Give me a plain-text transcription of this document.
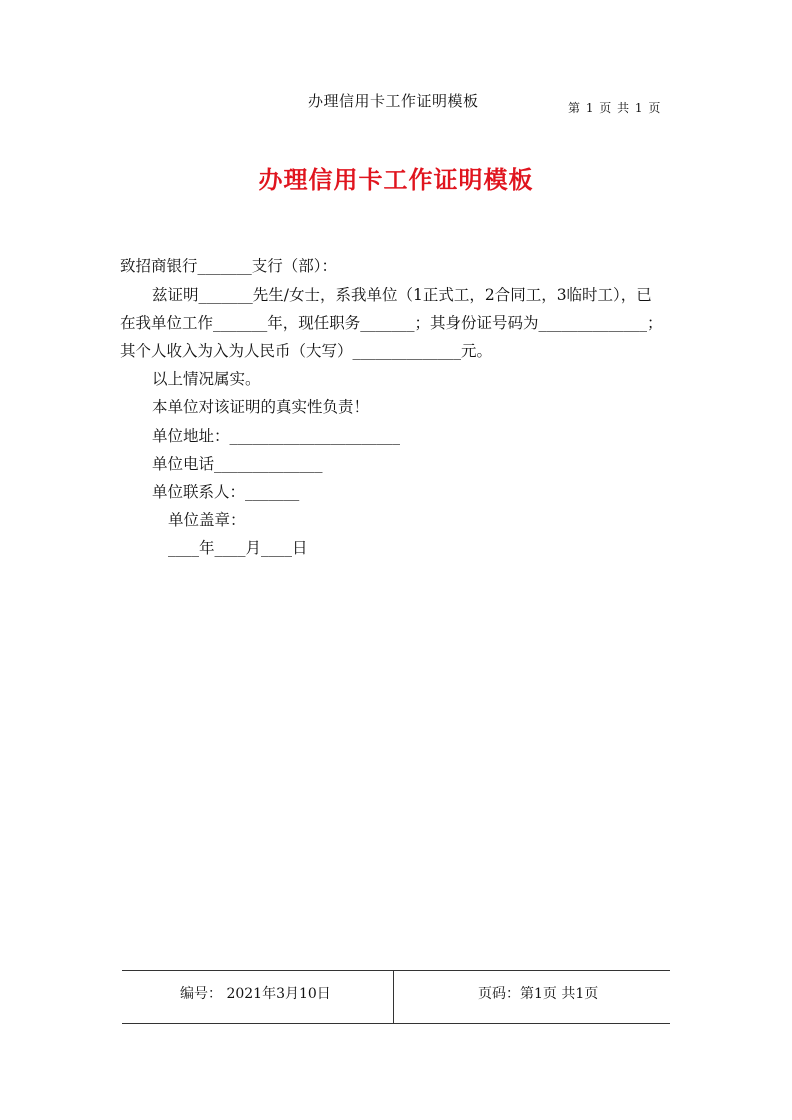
办理信用卡工作证明模板	第 1 页 共 1 页
办理信用卡工作证明模板
致招商银行_______支行（部）：
兹证明_______先生/女士，系我单位（1正式工，2合同工，3临时工），已
在我单位工作_______年，现任职务_______；其身份证号码为______________；
其个人收入为入为人民币（大写）______________元。
以上情况属实。
本单位对该证明的真实性负责！
单位地址：______________________
单位电话______________
单位联系人：_______
单位盖章：
____年____月____日
编号： 2021年3月10日	页码：第1页 共1页
